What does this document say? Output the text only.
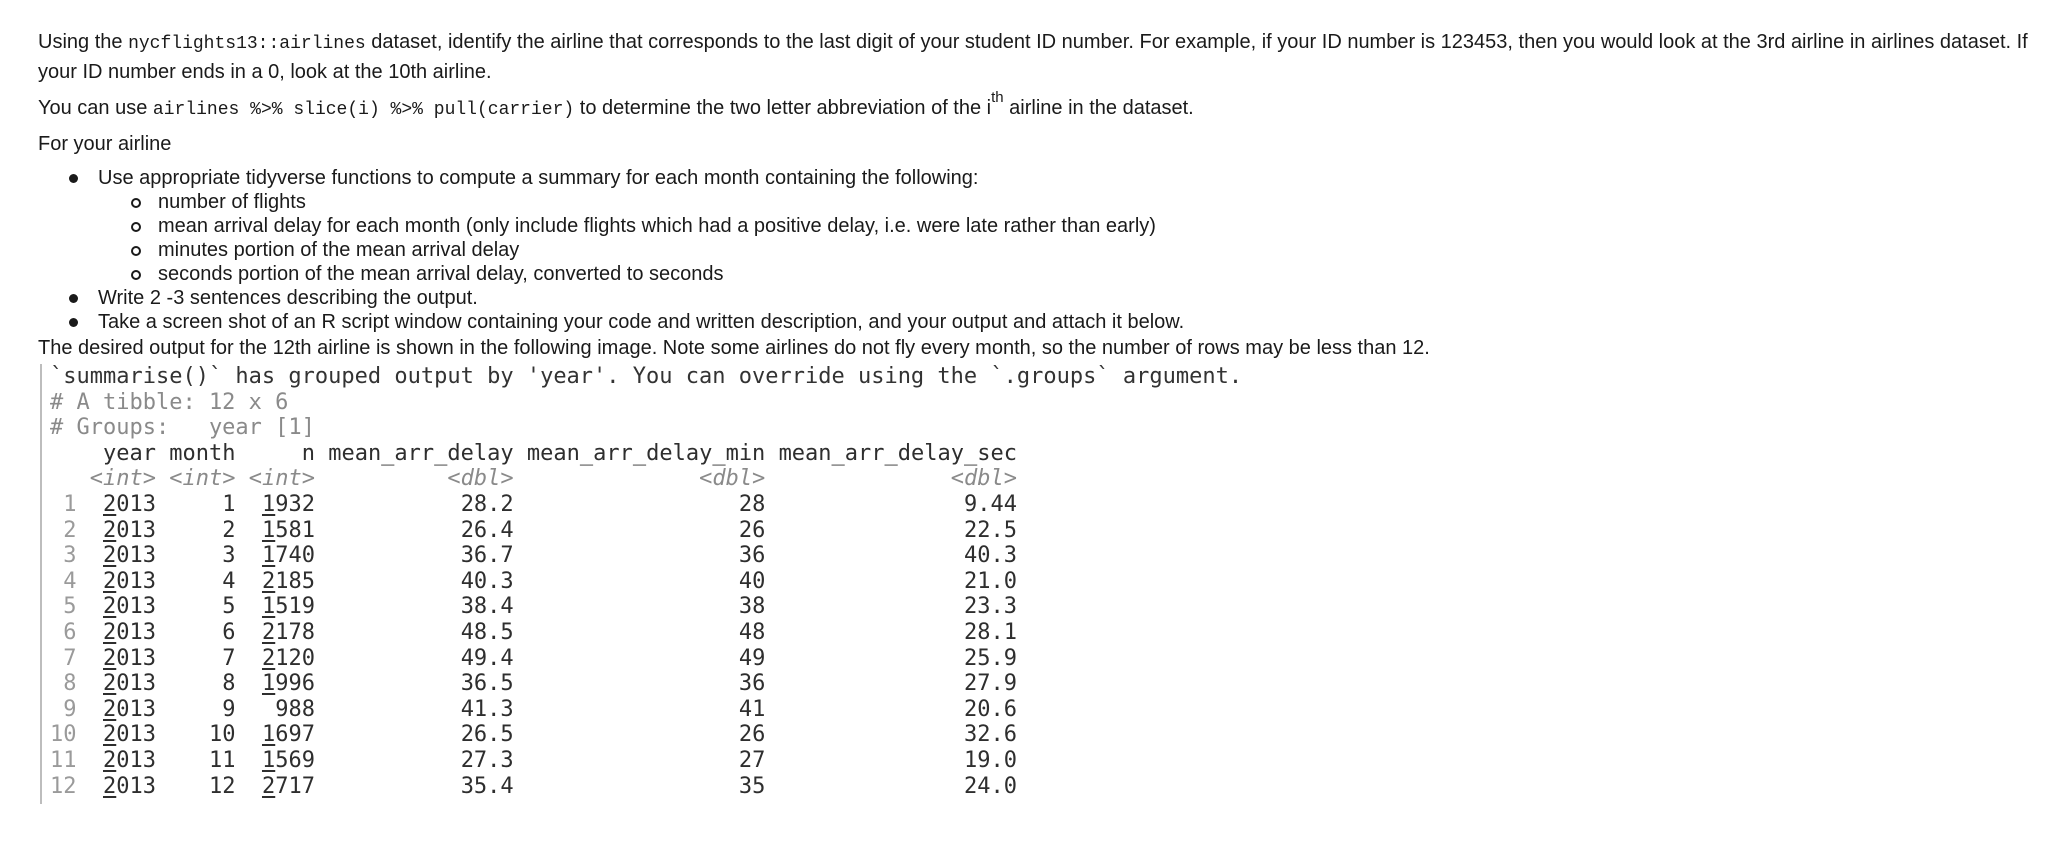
Using the nycflights13::airlines dataset, identify the airline that corresponds to the last digit of your student ID number. For example, if your ID number is 123453, then you would look at the 3rd airline in airlines dataset. If your ID number ends in a 0, look at the 10th airline.

You can use airlines %>% slice(i) %>% pull(carrier) to determine the two letter abbreviation of the $i^{th}$ airline in the dataset.

For your airline

Use appropriate tidyverse functions to compute a summary for each month containing the following:
number of flights
mean arrival delay for each month (only include flights which had a positive delay, i.e. were late rather than early)
minutes portion of the mean arrival delay
seconds portion of the mean arrival delay, converted to seconds
Write 2 -3 sentences describing the output.
Take a screen shot of an R script window containing your code and written description, and your output and attach it below.

The desired output for the 12th airline is shown in the following image. Note some airlines do not fly every month, so the number of rows may be less than 12.

`summarise()` has grouped output by 'year'. You can override using the `.groups` argument.
# A tibble: 12 x 6
# Groups:   year [1]
year month	n mean_arr_delay mean_arr_delay_min mean_arr_delay_sec
<int> <int> <int>	<dbl>	<dbl>	<dbl>
1 2013	1 1932	28.2	28	9.44
2 2013	2 1581	26.4	26	22.5
3 2013	3 1740	36.7	36	40.3
4 2013	4 2185	40.3	40	21.0
5 2013	5 1519	38.4	38	23.3
6 2013	6 2178	48.5	48	28.1
7 2013	7 2120	49.4	49	25.9
8 2013	8 1996	36.5	36	27.9
9 2013	9 988	41.3	41	20.6
10 2013 10 1697	26.5	26	32.6
11 2013 11 1569	27.3	27	19.0
12 2013 12 2717	35.4	35	24.0
